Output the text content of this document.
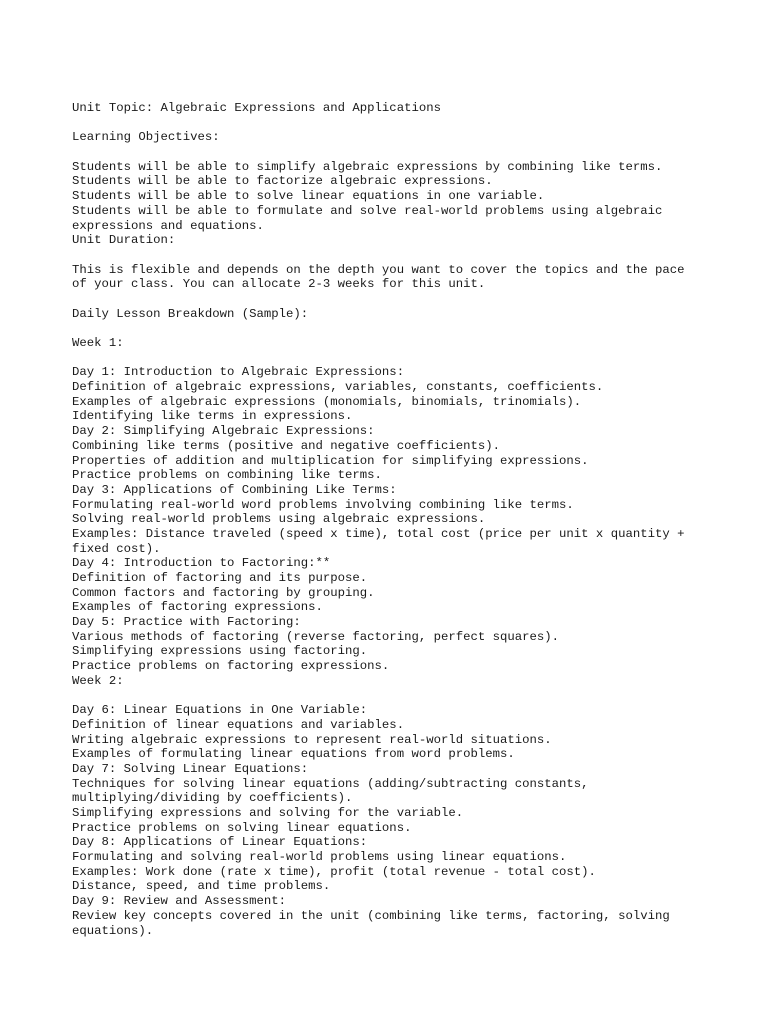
Unit Topic: Algebraic Expressions and Applications
Learning Objectives:
Students will be able to simplify algebraic expressions by combining like terms.
Students will be able to factorize algebraic expressions.
Students will be able to solve linear equations in one variable.
Students will be able to formulate and solve real-world problems using algebraic
expressions and equations.
Unit Duration:
This is flexible and depends on the depth you want to cover the topics and the pace
of your class. You can allocate 2-3 weeks for this unit.
Daily Lesson Breakdown (Sample):
Week 1:
Day 1: Introduction to Algebraic Expressions:
Definition of algebraic expressions, variables, constants, coefficients.
Examples of algebraic expressions (monomials, binomials, trinomials).
Identifying like terms in expressions.
Day 2: Simplifying Algebraic Expressions:
Combining like terms (positive and negative coefficients).
Properties of addition and multiplication for simplifying expressions.
Practice problems on combining like terms.
Day 3: Applications of Combining Like Terms:
Formulating real-world word problems involving combining like terms.
Solving real-world problems using algebraic expressions.
Examples: Distance traveled (speed x time), total cost (price per unit x quantity +
fixed cost).
Day 4: Introduction to Factoring:**
Definition of factoring and its purpose.
Common factors and factoring by grouping.
Examples of factoring expressions.
Day 5: Practice with Factoring:
Various methods of factoring (reverse factoring, perfect squares).
Simplifying expressions using factoring.
Practice problems on factoring expressions.
Week 2:
Day 6: Linear Equations in One Variable:
Definition of linear equations and variables.
Writing algebraic expressions to represent real-world situations.
Examples of formulating linear equations from word problems.
Day 7: Solving Linear Equations:
Techniques for solving linear equations (adding/subtracting constants,
multiplying/dividing by coefficients).
Simplifying expressions and solving for the variable.
Practice problems on solving linear equations.
Day 8: Applications of Linear Equations:
Formulating and solving real-world problems using linear equations.
Examples: Work done (rate x time), profit (total revenue - total cost).
Distance, speed, and time problems.
Day 9: Review and Assessment:
Review key concepts covered in the unit (combining like terms, factoring, solving
equations).
